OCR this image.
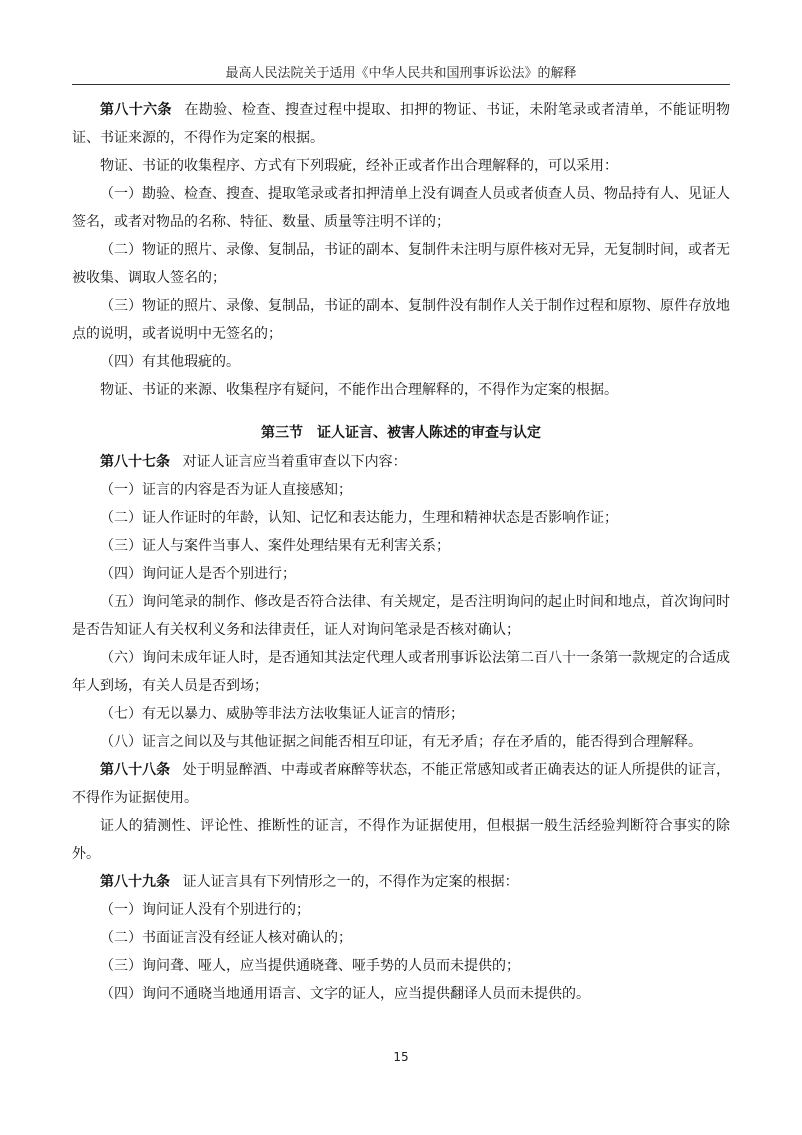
最高人民法院关于适用《中华人民共和国刑事诉讼法》的解释

第八十六条 在勘验、检查、搜查过程中提取、扣押的物证、书证，未附笔录或者清单，不能证明物证、书证来源的，不得作为定案的根据。

物证、书证的收集程序、方式有下列瑕疵，经补正或者作出合理解释的，可以采用：

（一）勘验、检查、搜查、提取笔录或者扣押清单上没有调查人员或者侦查人员、物品持有人、见证人签名，或者对物品的名称、特征、数量、质量等注明不详的；

（二）物证的照片、录像、复制品，书证的副本、复制件未注明与原件核对无异，无复制时间，或者无被收集、调取人签名的；

（三）物证的照片、录像、复制品，书证的副本、复制件没有制作人关于制作过程和原物、原件存放地点的说明，或者说明中无签名的；

（四）有其他瑕疵的。

物证、书证的来源、收集程序有疑问，不能作出合理解释的，不得作为定案的根据。

第三节　证人证言、被害人陈述的审查与认定

第八十七条 对证人证言应当着重审查以下内容：

（一）证言的内容是否为证人直接感知；

（二）证人作证时的年龄，认知、记忆和表达能力，生理和精神状态是否影响作证；

（三）证人与案件当事人、案件处理结果有无利害关系；

（四）询问证人是否个别进行；

（五）询问笔录的制作、修改是否符合法律、有关规定，是否注明询问的起止时间和地点，首次询问时是否告知证人有关权利义务和法律责任，证人对询问笔录是否核对确认；

（六）询问未成年证人时，是否通知其法定代理人或者刑事诉讼法第二百八十一条第一款规定的合适成年人到场，有关人员是否到场；

（七）有无以暴力、威胁等非法方法收集证人证言的情形；

（八）证言之间以及与其他证据之间能否相互印证，有无矛盾；存在矛盾的，能否得到合理解释。

第八十八条 处于明显醉酒、中毒或者麻醉等状态，不能正常感知或者正确表达的证人所提供的证言，不得作为证据使用。

证人的猜测性、评论性、推断性的证言，不得作为证据使用，但根据一般生活经验判断符合事实的除外。

第八十九条 证人证言具有下列情形之一的，不得作为定案的根据：

（一）询问证人没有个别进行的；

（二）书面证言没有经证人核对确认的；

（三）询问聋、哑人，应当提供通晓聋、哑手势的人员而未提供的；

（四）询问不通晓当地通用语言、文字的证人，应当提供翻译人员而未提供的。

15
